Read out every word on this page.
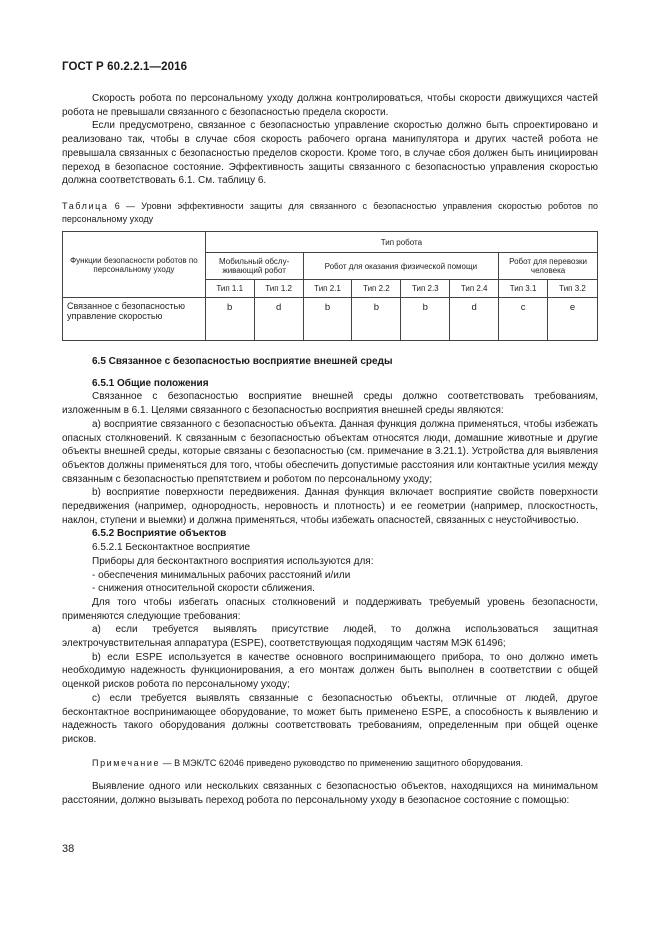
ГОСТ Р 60.2.2.1—2016

Скорость робота по персональному уходу должна контролироваться, чтобы скорости движущихся частей робота не превышали связанного с безопасностью предела скорости.

Если предусмотрено, связанное с безопасностью управление скоростью должно быть спроектировано и реализовано так, чтобы в случае сбоя скорость рабочего органа манипулятора и других частей робота не превышала связанных с безопасностью пределов скорости. Кроме того, в случае сбоя должен быть инициирован переход в безопасное состояние. Эффективность защиты связанного с безопасностью управления скоростью должна соответствовать 6.1. См. таблицу 6.

Таблица 6 — Уровни эффективности защиты для связанного с безопасностью управления скоростью роботов по персональному уходу
Функции безопасности роботов по персональному уходу	Тип робота							
	Мобильный обслу-живающий робот		Робот для оказания физической помощи				Робот для перевозки человека	
	Тип 1.1	Тип 1.2	Тип 2.1	Тип 2.2	Тип 2.3	Тип 2.4	Тип 3.1	Тип 3.2
Связанное с безопасностью управление скоростью	b	d	b	b	b	d	c	e

6.5 Связанное с безопасностью восприятие внешней среды

6.5.1 Общие положения

Связанное с безопасностью восприятие внешней среды должно соответствовать требованиям, изложенным в 6.1. Целями связанного с безопасностью восприятия внешней среды являются:

а) восприятие связанного с безопасностью объекта. Данная функция должна применяться, чтобы избежать опасных столкновений. К связанным с безопасностью объектам относятся люди, домашние животные и другие объекты внешней среды, которые связаны с безопасностью (см. примечание в 3.21.1). Устройства для выявления объектов должны применяться для того, чтобы обеспечить допустимые расстояния или контактные усилия между связанным с безопасностью препятствием и роботом по персональному уходу;

b) восприятие поверхности передвижения. Данная функция включает восприятие свойств поверхности передвижения (например, однородность, неровность и плотность) и ее геометрии (например, плоскостность, наклон, ступени и выемки) и должна применяться, чтобы избежать опасностей, связанных с неустойчивостью.

6.5.2 Восприятие объектов

6.5.2.1 Бесконтактное восприятие

Приборы для бесконтактного восприятия используются для:

- обеспечения минимальных рабочих расстояний и/или

- снижения относительной скорости сближения.

Для того чтобы избегать опасных столкновений и поддерживать требуемый уровень безопасности, применяются следующие требования:

а) если требуется выявлять присутствие людей, то должна использоваться защитная электрочувствительная аппаратура (ESPE), соответствующая подходящим частям МЭК 61496;

b) если ESPE используется в качестве основного воспринимающего прибора, то оно должно иметь необходимую надежность функционирования, а его монтаж должен быть выполнен в соответствии с общей оценкой рисков робота по персональному уходу;

с) если требуется выявлять связанные с безопасностью объекты, отличные от людей, другое бесконтактное воспринимающее оборудование, то может быть применено ESPE, а способность к выявлению и надежность такого оборудования должны соответствовать требованиям, определенным при общей оценке рисков.

Примечание — В МЭК/ТС 62046 приведено руководство по применению защитного оборудования.

Выявление одного или нескольких связанных с безопасностью объектов, находящихся на минимальном расстоянии, должно вызывать переход робота по персональному уходу в безопасное состояние с помощью:

38
